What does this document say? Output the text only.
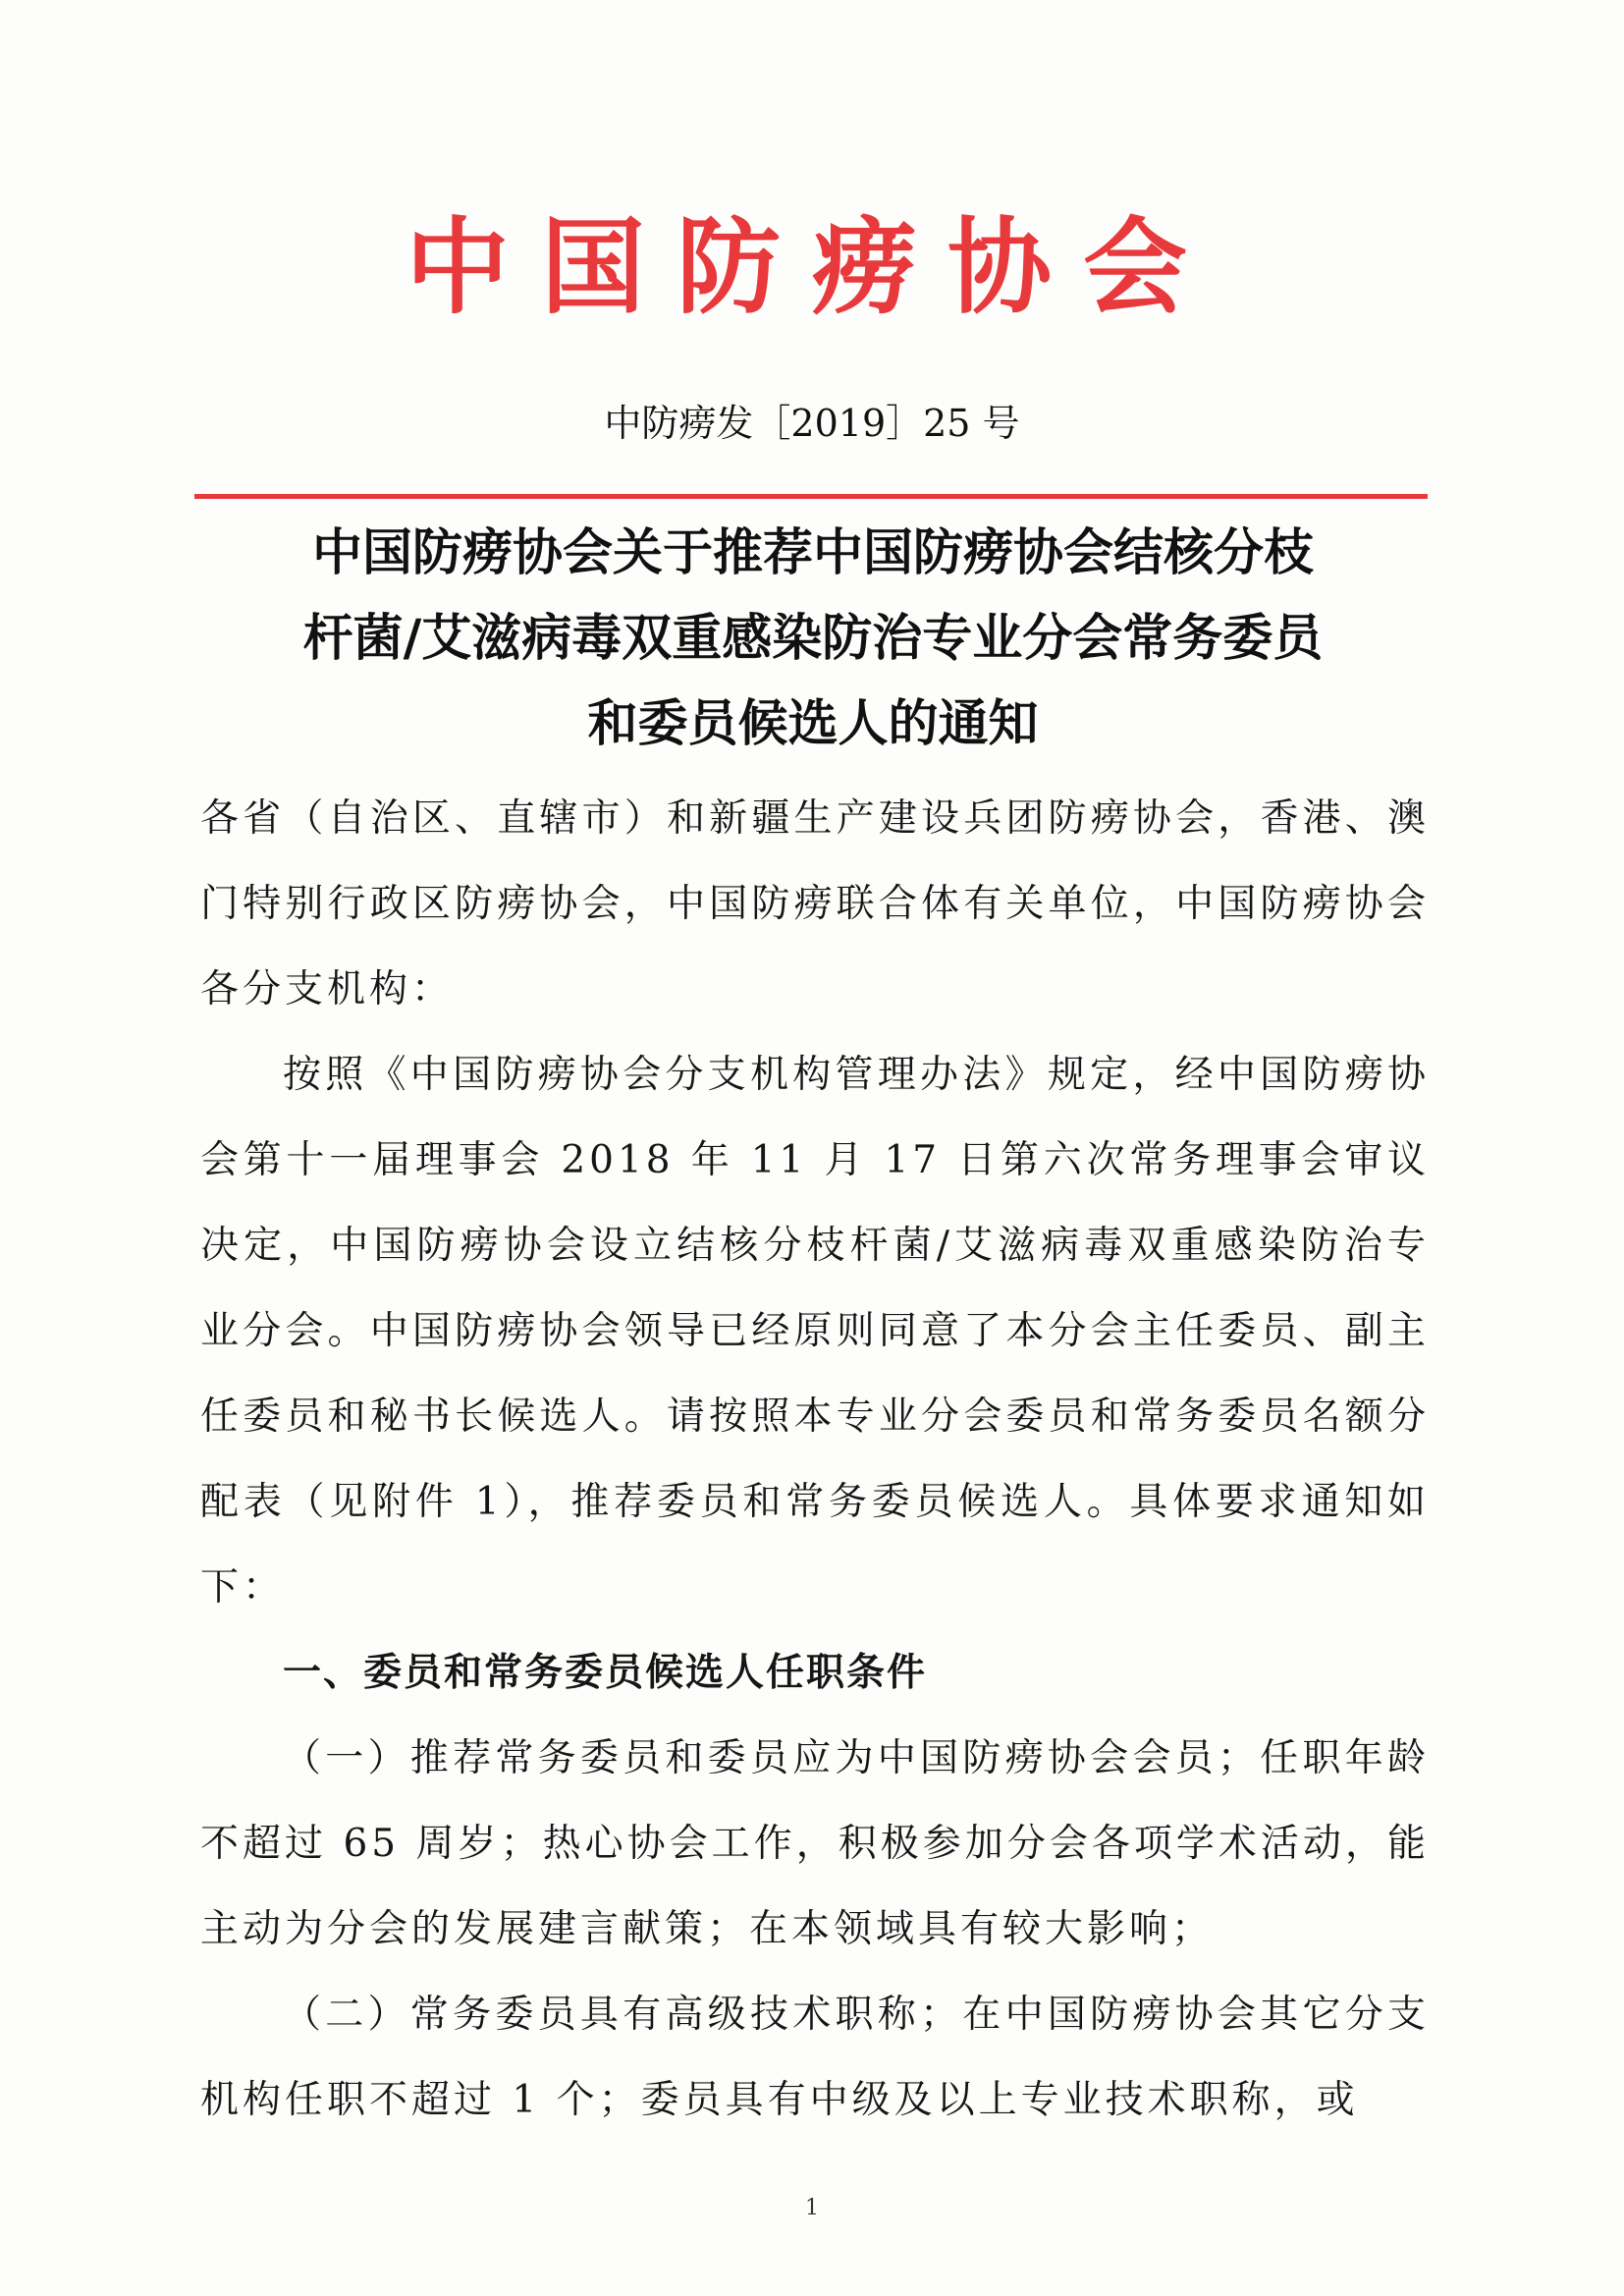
中国防痨协会
中防痨发［2019］25 号
中国防痨协会关于推荐中国防痨协会结核分枝
杆菌/艾滋病毒双重感染防治专业分会常务委员
和委员候选人的通知

各省（自治区、直辖市）和新疆生产建设兵团防痨协会，香港、澳门特别行政区防痨协会，中国防痨联合体有关单位，中国防痨协会各分支机构：

按照《中国防痨协会分支机构管理办法》规定，经中国防痨协会第十一届理事会 2018 年 11 月 17 日第六次常务理事会审议决定，中国防痨协会设立结核分枝杆菌/艾滋病毒双重感染防治专业分会。中国防痨协会领导已经原则同意了本分会主任委员、副主任委员和秘书长候选人。请按照本专业分会委员和常务委员名额分配表（见附件 1），推荐委员和常务委员候选人。具体要求通知如下：

一、委员和常务委员候选人任职条件

（一）推荐常务委员和委员应为中国防痨协会会员；任职年龄不超过 65 周岁；热心协会工作，积极参加分会各项学术活动，能主动为分会的发展建言献策；在本领域具有较大影响；

（二）常务委员具有高级技术职称；在中国防痨协会其它分支机构任职不超过 1 个；委员具有中级及以上专业技术职称，或

1
